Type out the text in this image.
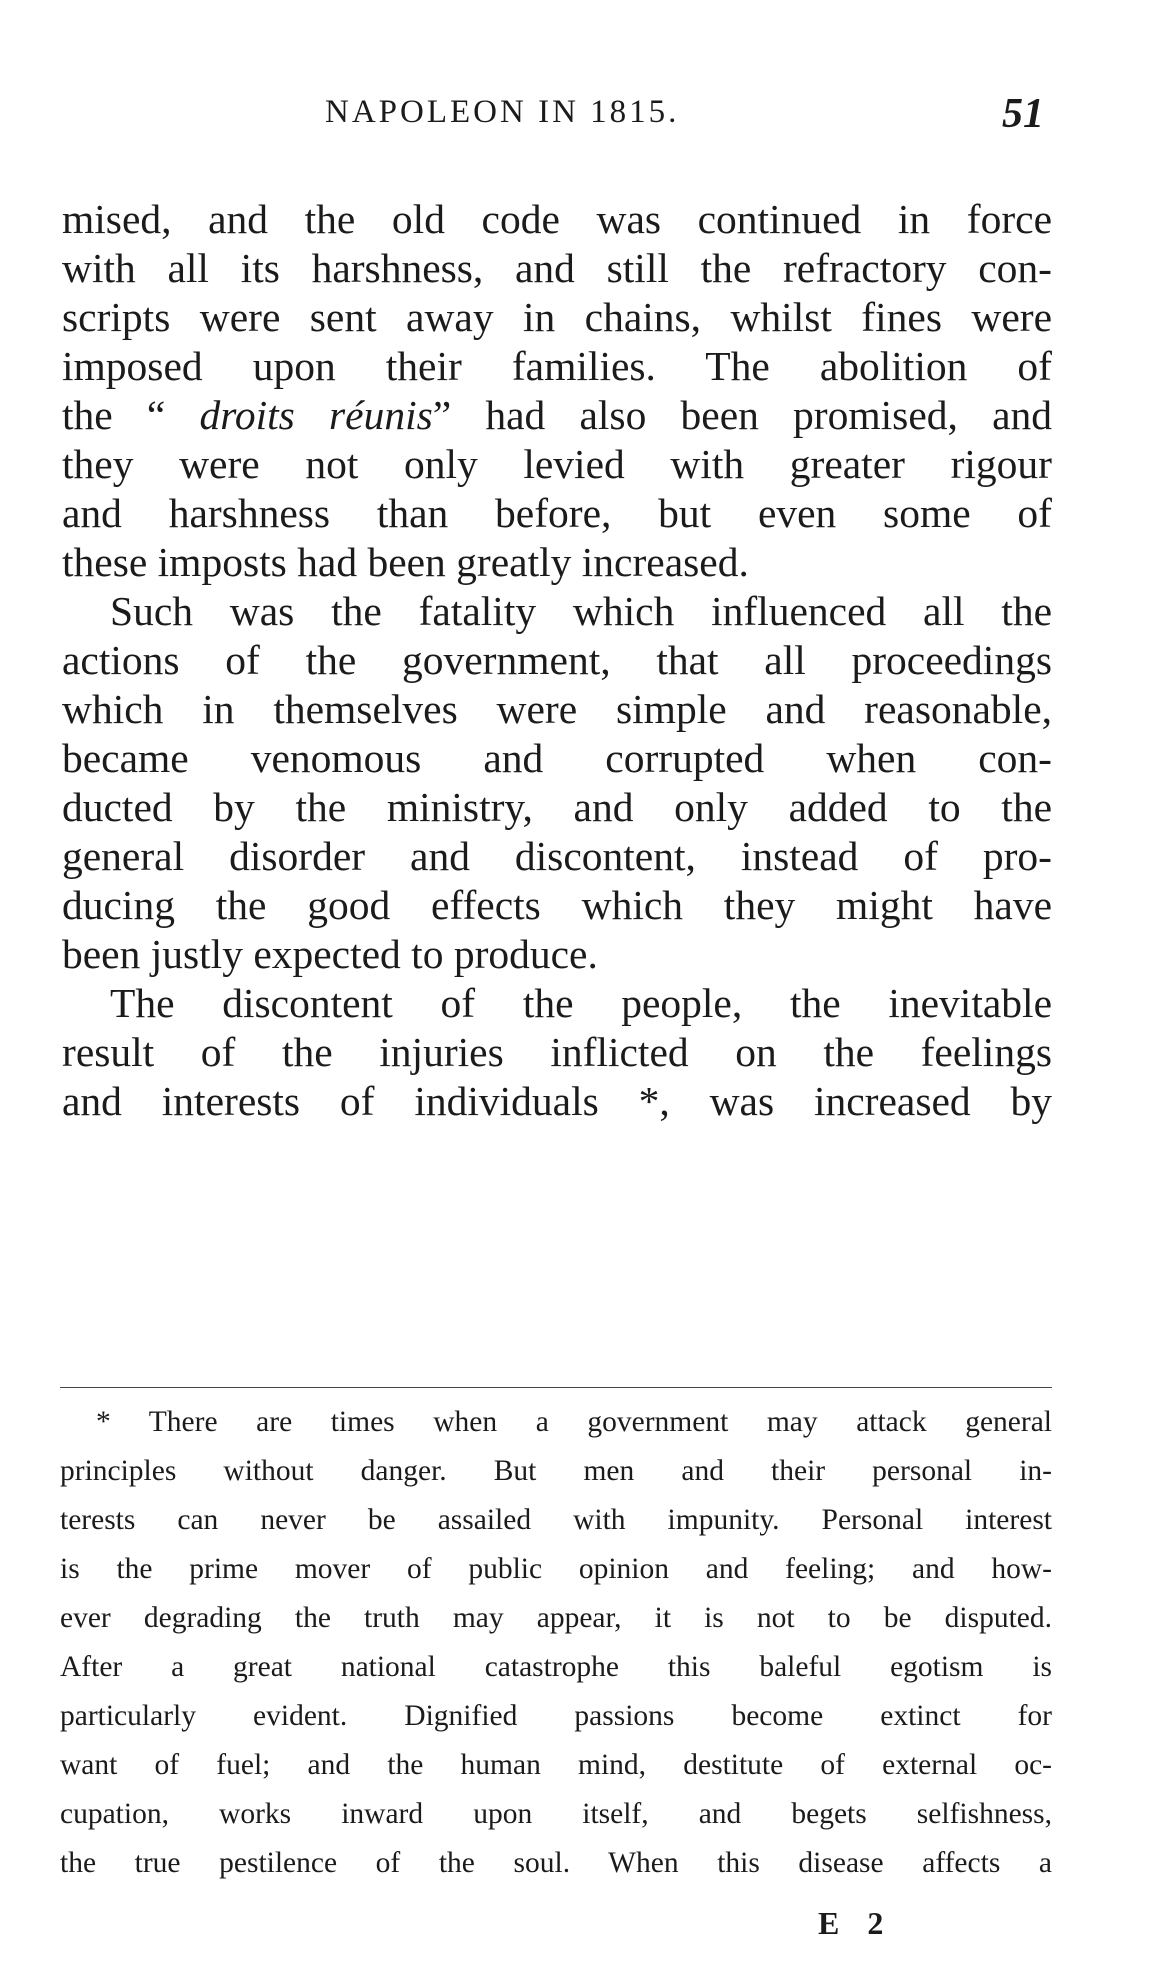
NAPOLEON IN 1815.	51
mised, and the old code was continued in force
with all its harshness, and still the refractory con-
scripts were sent away in chains, whilst fines were
imposed upon their families. The abolition of
the “ droits réunis” had also been promised, and
they were not only levied with greater rigour
and harshness than before, but even some of
these imposts had been greatly increased.
Such was the fatality which influenced all the
actions of the government, that all proceedings
which in themselves were simple and reasonable,
became venomous and corrupted when con-
ducted by the ministry, and only added to the
general disorder and discontent, instead of pro-
ducing the good effects which they might have
been justly expected to produce.
The discontent of the people, the inevitable
result of the injuries inflicted on the feelings
and interests of individuals *, was increased by
* There are times when a government may attack general
principles without danger. But men and their personal in-
terests can never be assailed with impunity. Personal interest
is the prime mover of public opinion and feeling; and how-
ever degrading the truth may appear, it is not to be disputed.
After a great national catastrophe this baleful egotism is
particularly evident. Dignified passions become extinct for
want of fuel; and the human mind, destitute of external oc-
cupation, works inward upon itself, and begets selfishness,
the true pestilence of the soul. When this disease affects a
E 2
